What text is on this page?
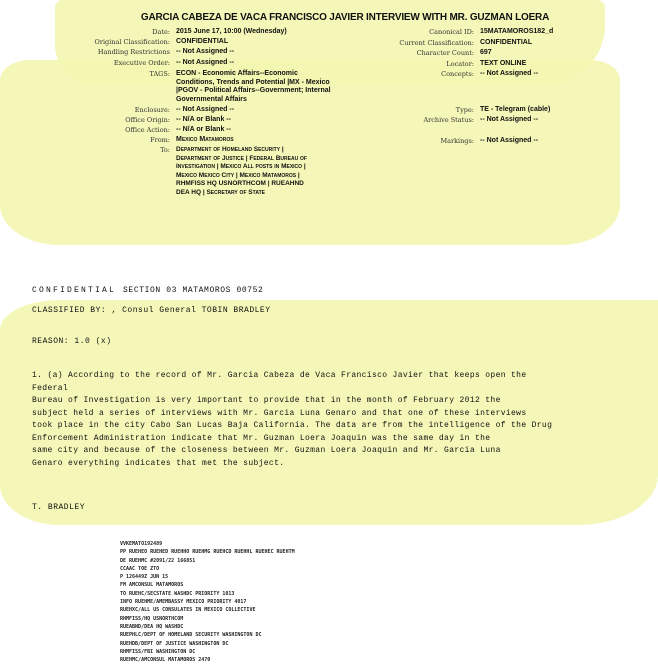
GARCIA CABEZA DE VACA FRANCISCO JAVIER INTERVIEW WITH MR. GUZMAN LOERA
Date: 2015 June 17, 10:00 (Wednesday)
Original Classification: CONFIDENTIAL
Handling Restrictions -- Not Assigned --
Executive Order: -- Not Assigned --
TAGS: ECON - Economic Affairs--Economic
Conditions, Trends and Potential |MX - Mexico
|PGOV - Political Affairs--Government; Internal
Governmental Affairs
Enclosure: -- Not Assigned --
Office Origin: -- N/A or Blank --
Office Action: -- N/A or Blank --
From: Mexico Matamoros
To: Department of Homeland Security |
Department of Justice | Federal Bureau of
Investigation | Mexico All posts in Mexico |
Mexico Mexico City | Mexico Matamoros |
RHMFISS HQ USNORTHCOM | RUEAHND
DEA HQ | Secretary of State
Canonical ID: 15MATAMOROS182_d
Current Classification: CONFIDENTIAL
Character Count: 697
Locator: TEXT ONLINE
Concepts: -- Not Assigned --
Type: TE - Telegram (cable)
Archive Status: -- Not Assigned --
Markings: -- Not Assigned --
CONFIDENTIAL SECTION 03 MATAMOROS 00752
CLASSIFIED BY: , Consul General TOBIN BRADLEY
REASON: 1.0 (x)
1. (a) According to the record of Mr. Garcia Cabeza de Vaca Francisco Javier that keeps open the
Federal
Bureau of Investigation is very important to provide that in the month of February 2012 the
subject held a series of interviews with Mr. Garcia Luna Genaro and that one of these interviews
took place in the city Cabo San Lucas Baja California. The data are from the intelligence of the Drug
Enforcement Administration indicate that Mr. Guzman Loera Joaquin was the same day in the
same city and because of the closeness between Mr. Guzman Loera Joaquin and Mr. Garcia Luna
Genaro everything indicates that met the subject.
T. BRADLEY
VVKEMATO192489
PP RUEHEO RUEHED RUEHHO RUEHMG RUEHCD RUEHHL RUEHEC RUEHTM
DE RUEHMC #2091/22 166851
CCAAC TOE ZTO
P 126449Z JUN 15
FM AMCONSUL MATAMOROS
TO RUEHC/SECSTATE WASHDC PRIORITY 1013
INFO RUEHME/AMEMBASSY MEXICO PRIORITY 4017
RUEHXC/ALL US CONSULATES IN MEXICO COLLECTIVE
RHMFISS/HQ USNORTHCOM
RUEABND/DEA HQ WASHDC
RUEPHLC/DEPT OF HOMELAND SECURITY WASHINGTON DC
RUEHDB/DEPT OF JUSTICE WASHINGTON DC
RHMFISS/FBI WASHINGTON DC
RUEHMC/AMCONSUL MATAMOROS 2470
